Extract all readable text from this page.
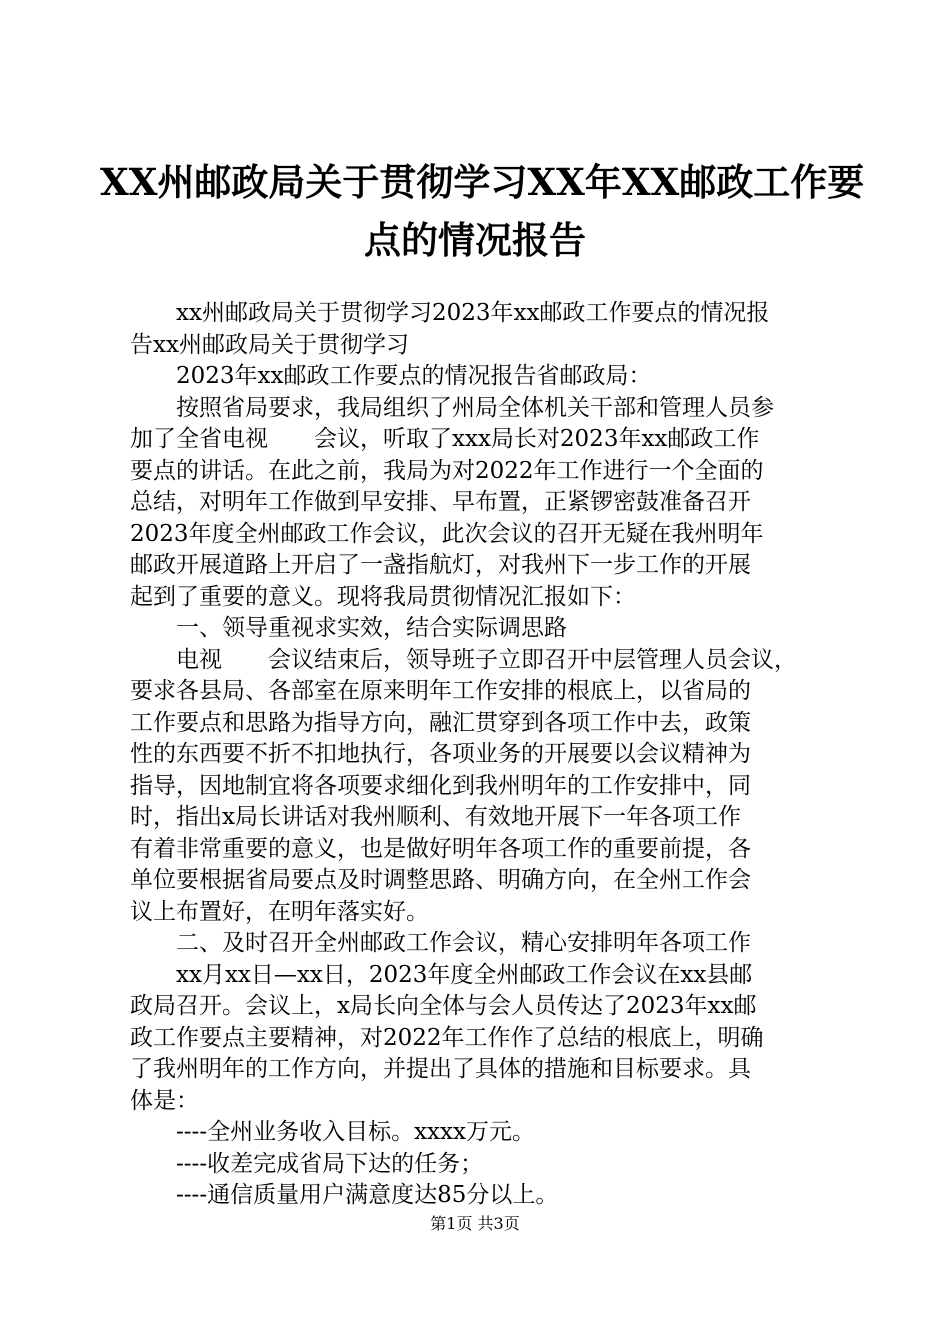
XX州邮政局关于贯彻学习XX年XX邮政工作要
点的情况报告
　　xx州邮政局关于贯彻学习2023年xx邮政工作要点的情况报
告xx州邮政局关于贯彻学习
　　2023年xx邮政工作要点的情况报告省邮政局：
　　按照省局要求，我局组织了州局全体机关干部和管理人员参
加了全省电视　　会议，听取了xxx局长对2023年xx邮政工作
要点的讲话。在此之前，我局为对2022年工作进行一个全面的
总结，对明年工作做到早安排、早布置，正紧锣密鼓准备召开
2023年度全州邮政工作会议，此次会议的召开无疑在我州明年
邮政开展道路上开启了一盏指航灯，对我州下一步工作的开展
起到了重要的意义。现将我局贯彻情况汇报如下：
　　一、领导重视求实效，结合实际调思路
　　电视　　会议结束后，领导班子立即召开中层管理人员会议，
要求各县局、各部室在原来明年工作安排的根底上，以省局的
工作要点和思路为指导方向，融汇贯穿到各项工作中去，政策
性的东西要不折不扣地执行，各项业务的开展要以会议精神为
指导，因地制宜将各项要求细化到我州明年的工作安排中，同
时，指出x局长讲话对我州顺利、有效地开展下一年各项工作
有着非常重要的意义，也是做好明年各项工作的重要前提，各
单位要根据省局要点及时调整思路、明确方向，在全州工作会
议上布置好，在明年落实好。
　　二、及时召开全州邮政工作会议，精心安排明年各项工作
　　xx月xx日—xx日，2023年度全州邮政工作会议在xx县邮
政局召开。会议上，x局长向全体与会人员传达了2023年xx邮
政工作要点主要精神，对2022年工作作了总结的根底上，明确
了我州明年的工作方向，并提出了具体的措施和目标要求。具
体是：
　　----全州业务收入目标。xxxx万元。
　　----收差完成省局下达的任务；
　　----通信质量用户满意度达85分以上。
第1页 共3页
